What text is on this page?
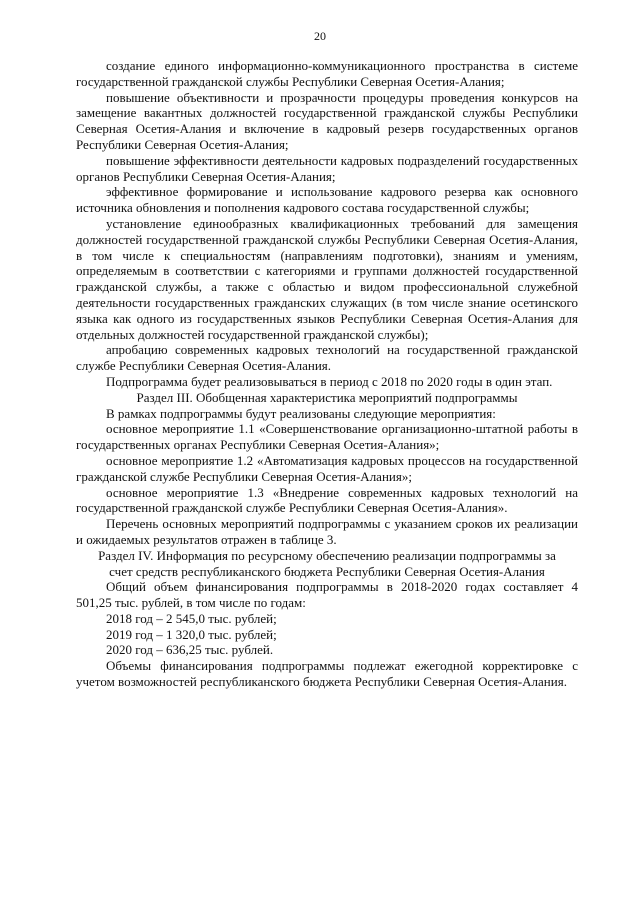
20

создание единого информационно-коммуникационного пространства в системе государственной гражданской службы Республики Северная Осетия-Алания;

повышение объективности и прозрачности процедуры проведения конкурсов на замещение вакантных должностей государственной гражданской службы Республики Северная Осетия-Алания и включение в кадровый резерв государственных органов Республики Северная Осетия-Алания;

повышение эффективности деятельности кадровых подразделений государственных органов Республики Северная Осетия-Алания;

эффективное формирование и использование кадрового резерва как основного источника обновления и пополнения кадрового состава государственной службы;

установление единообразных квалификационных требований для замещения должностей государственной гражданской службы Республики Северная Осетия-Алания, в том числе к специальностям (направлениям подготовки), знаниям и умениям, определяемым в соответствии с категориями и группами должностей государственной гражданской службы, а также с областью и видом профессиональной служебной деятельности государственных гражданских служащих (в том числе знание осетинского языка как одного из государственных языков Республики Северная Осетия-Алания для отдельных должностей государственной гражданской службы);

апробацию современных кадровых технологий на государственной гражданской службе Республики Северная Осетия-Алания.

Подпрограмма будет реализовываться в период с 2018 по 2020 годы в один этап.

Раздел III. Обобщенная характеристика мероприятий подпрограммы

В рамках подпрограммы будут реализованы следующие мероприятия:

основное мероприятие 1.1 «Совершенствование организационно-штатной работы в государственных органах Республики Северная Осетия-Алания»;

основное мероприятие 1.2 «Автоматизация кадровых процессов на государственной гражданской службе Республики Северная Осетия-Алания»;

основное мероприятие 1.3 «Внедрение современных кадровых технологий на государственной гражданской службе Республики Северная Осетия-Алания».

Перечень основных мероприятий подпрограммы с указанием сроков их реализации и ожидаемых результатов отражен в таблице 3.

Раздел IV. Информация по ресурсному обеспечению реализации подпрограммы за
счет средств республиканского бюджета Республики Северная Осетия-Алания

Общий объем финансирования подпрограммы в 2018-2020 годах составляет 4 501,25 тыс. рублей, в том числе по годам:

2018 год – 2 545,0 тыс. рублей;

2019 год – 1 320,0 тыс. рублей;

2020 год – 636,25 тыс. рублей.

Объемы финансирования подпрограммы подлежат ежегодной корректировке с учетом возможностей республиканского бюджета Республики Северная Осетия-Алания.
